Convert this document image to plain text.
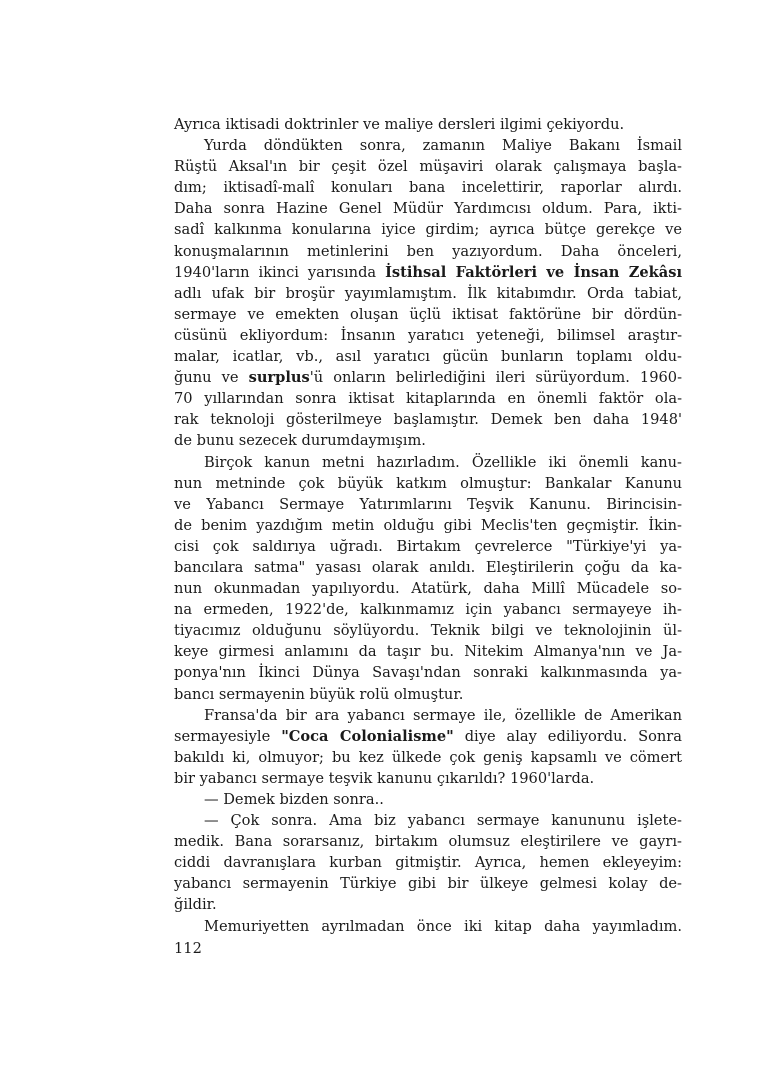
Ayrıca iktisadi doktrinler ve maliye dersleri ilgimi çekiyordu.
Yurda döndükten sonra, zamanın Maliye Bakanı İsmail
Rüştü Aksal'ın bir çeşit özel müşaviri olarak çalışmaya başla-
dım; iktisadî-malî konuları bana incelettirir, raporlar alırdı.
Daha sonra Hazine Genel Müdür Yardımcısı oldum. Para, ikti-
sadî kalkınma konularına iyice girdim; ayrıca bütçe gerekçe ve
konuşmalarının metinlerini ben yazıyordum. Daha önceleri,
1940'ların ikinci yarısında İstihsal Faktörleri ve İnsan Zekâsı
adlı ufak bir broşür yayımlamıştım. İlk kitabımdır. Orda tabiat,
sermaye ve emekten oluşan üçlü iktisat faktörüne bir dördün-
cüsünü ekliyordum: İnsanın yaratıcı yeteneği, bilimsel araştır-
malar, icatlar, vb., asıl yaratıcı gücün bunların toplamı oldu-
ğunu ve surplus'ü onların belirlediğini ileri sürüyordum. 1960-
70 yıllarından sonra iktisat kitaplarında en önemli faktör ola-
rak teknoloji gösterilmeye başlamıştır. Demek ben daha 1948'
de bunu sezecek durumdaymışım.
Birçok kanun metni hazırladım. Özellikle iki önemli kanu-
nun metninde çok büyük katkım olmuştur: Bankalar Kanunu
ve Yabancı Sermaye Yatırımlarını Teşvik Kanunu. Birincisin-
de benim yazdığım metin olduğu gibi Meclis'ten geçmiştir. İkin-
cisi çok saldırıya uğradı. Birtakım çevrelerce "Türkiye'yi ya-
bancılara satma" yasası olarak anıldı. Eleştirilerin çoğu da ka-
nun okunmadan yapılıyordu. Atatürk, daha Millî Mücadele so-
na ermeden, 1922'de, kalkınmamız için yabancı sermayeye ih-
tiyacımız olduğunu söylüyordu. Teknik bilgi ve teknolojinin ül-
keye girmesi anlamını da taşır bu. Nitekim Almanya'nın ve Ja-
ponya'nın İkinci Dünya Savaşı'ndan sonraki kalkınmasında ya-
bancı sermayenin büyük rolü olmuştur.
Fransa'da bir ara yabancı sermaye ile, özellikle de Amerikan
sermayesiyle "Coca Colonialisme" diye alay ediliyordu. Sonra
bakıldı ki, olmuyor; bu kez ülkede çok geniş kapsamlı ve cömert
bir yabancı sermaye teşvik kanunu çıkarıldı? 1960'larda.
— Demek bizden sonra..
— Çok sonra. Ama biz yabancı sermaye kanununu işlete-
medik. Bana sorarsanız, birtakım olumsuz eleştirilere ve gayrı-
ciddi davranışlara kurban gitmiştir. Ayrıca, hemen ekleyeyim:
yabancı sermayenin Türkiye gibi bir ülkeye gelmesi kolay de-
ğildir.
Memuriyetten ayrılmadan önce iki kitap daha yayımladım.
112
